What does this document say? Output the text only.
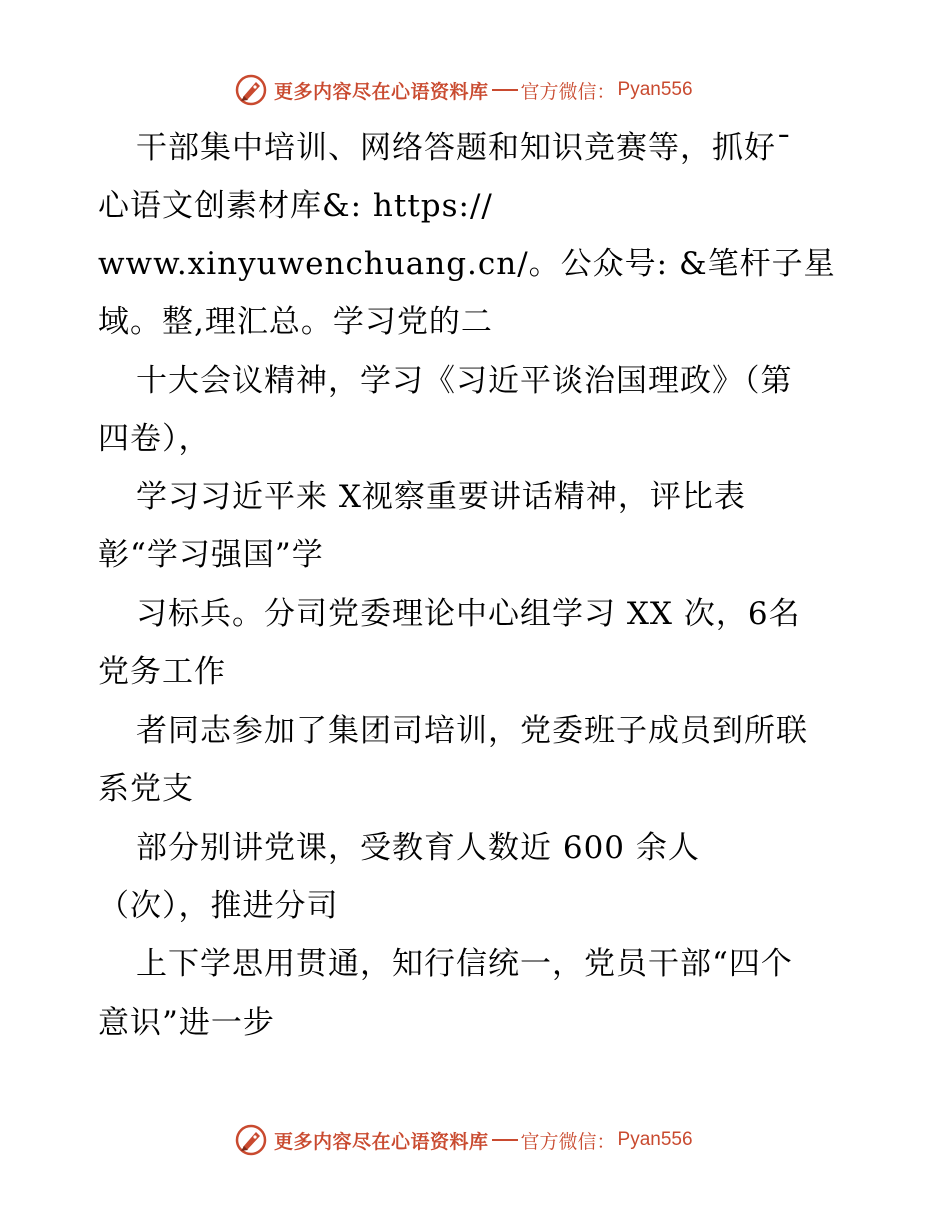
更多内容尽在心语资料库 官方微信： Pyan556
干部集中培训、网络答题和知识竞赛等，抓好¯
心语文创素材库&: https://
www.xinyuwenchuang.cn/。公众号: &笔杆子星
域。整,理汇总。学习党的二
十大会议精神，学习《习近平谈治国理政》（第
四卷），
学习习近平来 X视察重要讲话精神，评比表
彰“学习强国”学
习标兵。分司党委理论中心组学习 XX 次，6名
党务工作
者同志参加了集团司培训，党委班子成员到所联
系党支
部分别讲党课，受教育人数近 600 余人
（次），推进分司
上下学思用贯通，知行信统一，党员干部“四个
意识”进一步
更多内容尽在心语资料库 官方微信： Pyan556
